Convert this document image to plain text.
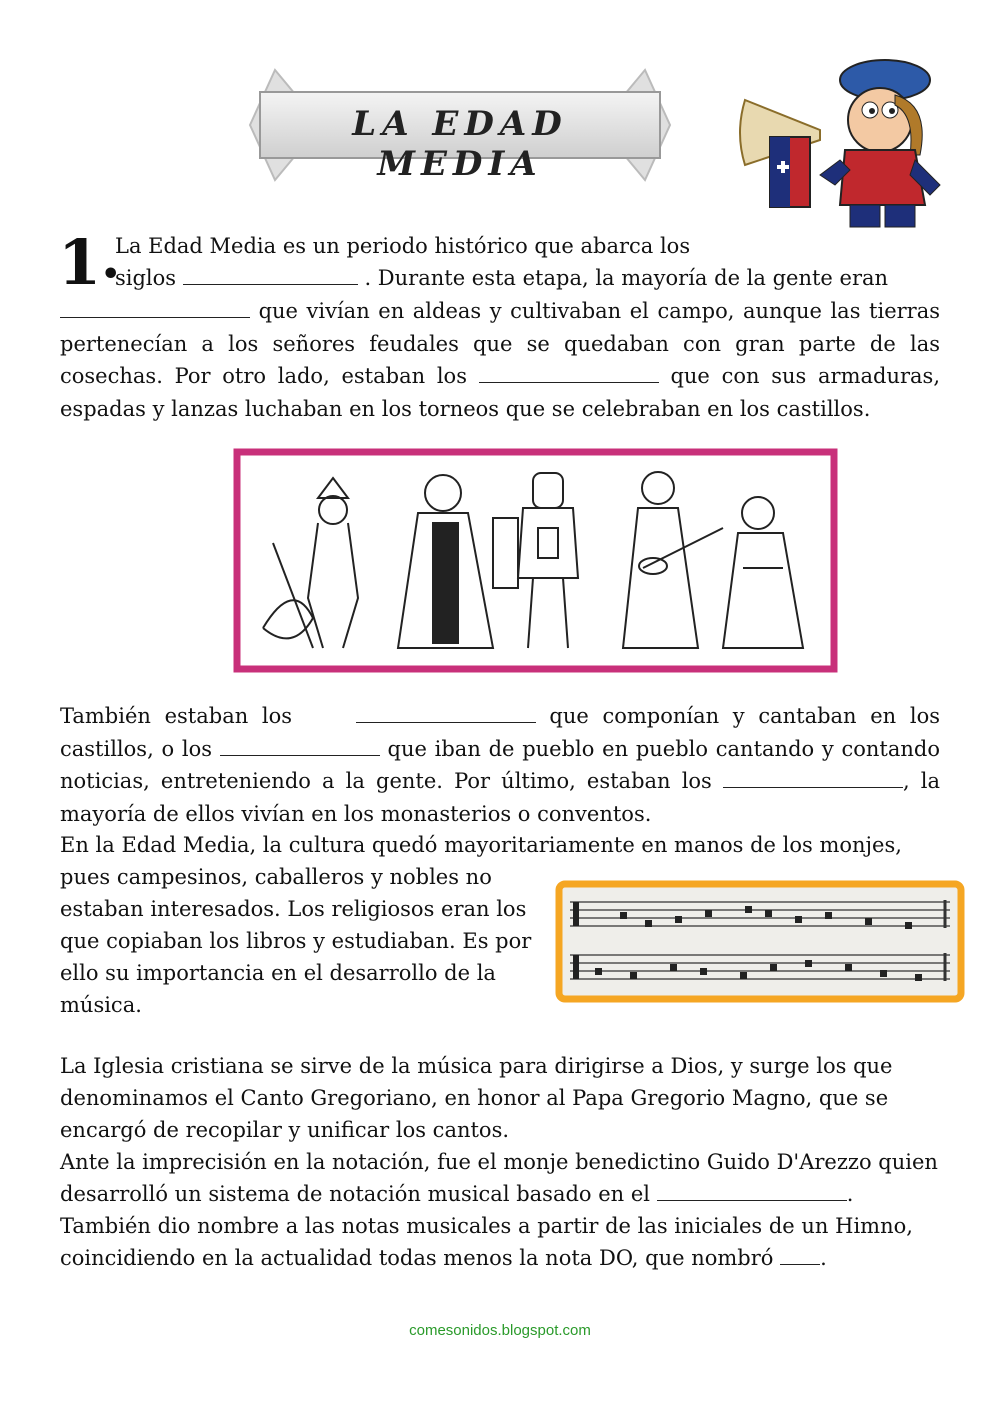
LA EDAD MEDIA
1•

La Edad Media es un periodo histórico que abarca los

siglos	. Durante esta etapa, la mayoría de la gente eran

que vivían en aldeas y cultivaban el campo, aunque las tierras pertenecían a los señores feudales que se quedaban con gran parte de las cosechas. Por otro lado, estaban los	que con sus armaduras, espadas y lanzas luchaban en los torneos que se celebraban en los castillos.

También estaban los	que componían y cantaban en los castillos, o los	que iban de pueblo en pueblo cantando y contando noticias, entreteniendo a la gente. Por último, estaban los	, la mayoría de ellos vivían en los monasterios o conventos.

En la Edad Media, la cultura quedó mayoritariamente en manos de los monjes,

pues campesinos, caballeros y nobles no

estaban interesados. Los religiosos eran los

que copiaban los libros y estudiaban. Es por

ello su importancia en el desarrollo de la

música.

La Iglesia cristiana se sirve de la música para dirigirse a Dios, y surge los que

denominamos el Canto Gregoriano, en honor al Papa Gregorio Magno, que se

encargó de recopilar y unificar los cantos.

Ante la imprecisión en la notación, fue el monje benedictino Guido D'Arezzo quien

desarrolló un sistema de notación musical basado en el	.

También dio nombre a las notas musicales a partir de las iniciales de un Himno,

coincidiendo en la actualidad todas menos la nota DO, que nombró .

comesonidos.blogspot.com
